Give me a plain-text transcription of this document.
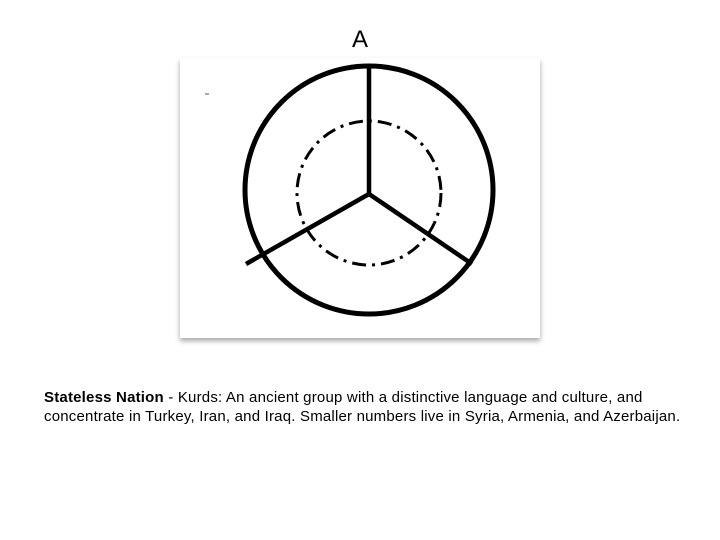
A
Stateless Nation - Kurds: An ancient group with a distinctive language and culture, and concentrate in Turkey, Iran, and Iraq. Smaller numbers live in Syria, Armenia, and Azerbaijan.
